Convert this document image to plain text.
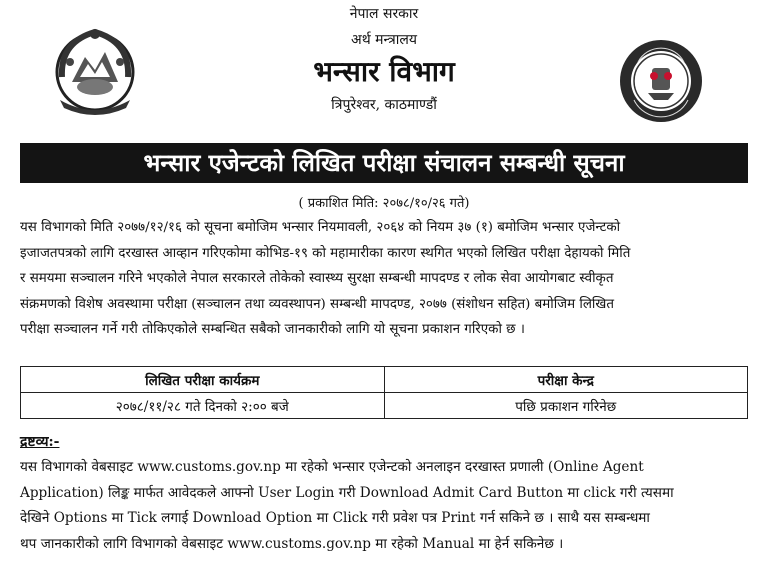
नेपाल सरकार
अर्थ मन्त्रालय
भन्सार विभाग
त्रिपुरेश्वर, काठमाण्डौं
भन्सार एजेन्टको लिखित परीक्षा संचालन सम्बन्धी सूचना
( प्रकाशित मिति: २०७८/१०/२६ गते)
यस विभागको मिति २०७७/१२/१६ को सूचना बमोजिम भन्सार नियमावली, २०६४ को नियम ३७ (१) बमोजिम भन्सार एजेन्टको
इजाजतपत्रको लागि दरखास्त आव्हान गरिएकोमा कोभिड-१९ को महामारीका कारण स्थगित भएको लिखित परीक्षा देहायको मिति
र समयमा सञ्चालन गरिने भएकोले नेपाल सरकारले तोकेको स्वास्थ्य सुरक्षा सम्बन्धी मापदण्ड र लोक सेवा आयोगबाट स्वीकृत
संक्रमणको विशेष अवस्थामा परीक्षा (सञ्चालन तथा व्यवस्थापन) सम्बन्धी मापदण्ड, २०७७ (संशोधन सहित) बमोजिम लिखित
परीक्षा सञ्चालन गर्ने गरी तोकिएकोले सम्बन्धित सबैको जानकारीको लागि यो सूचना प्रकाशन गरिएको छ ।
लिखित परीक्षा कार्यक्रम	परीक्षा केन्द्र
२०७८/११/२८ गते दिनको २:०० बजे	पछि प्रकाशन गरिनेछ
द्रष्टव्य:-
यस विभागको वेबसाइट www.customs.gov.np मा रहेको भन्सार एजेन्टको अनलाइन दरखास्त प्रणाली (Online Agent
Application) लिङ्क मार्फत आवेदकले आफ्नो User Login गरी Download Admit Card Button मा click गरी त्यसमा
देखिने Options मा Tick लगाई Download Option मा Click गरी प्रवेश पत्र Print गर्न सकिने छ । साथै यस सम्बन्धमा
थप जानकारीको लागि विभागको वेबसाइट www.customs.gov.np मा रहेको Manual मा हेर्न सकिनेछ ।
